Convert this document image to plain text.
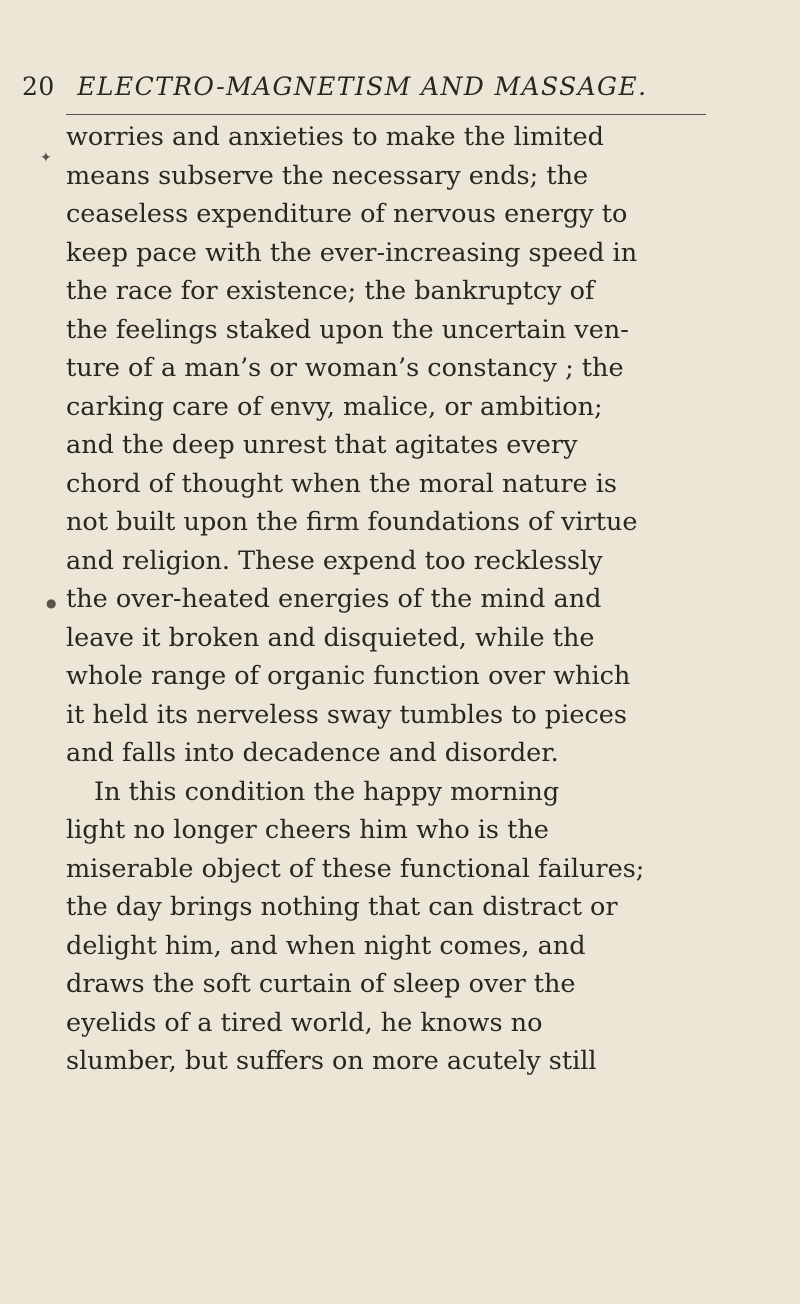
20 ELECTRO-MAGNETISM AND MASSAGE.
✦
●
worries and anxieties to make the limited
means subserve the necessary ends; the
ceaseless expenditure of nervous energy to
keep pace with the ever-increasing speed in
the race for existence; the bankruptcy of
the feelings staked upon the uncertain ven-
ture of a man’s or woman’s constancy ; the
carking care of envy, malice, or ambition;
and the deep unrest that agitates every
chord of thought when the moral nature is
not built upon the firm foundations of virtue
and religion. These expend too recklessly
the over-heated energies of the mind and
leave it broken and disquieted, while the
whole range of organic function over which
it held its nerveless sway tumbles to pieces
and falls into decadence and disorder.
In this condition the happy morning
light no longer cheers him who is the
miserable object of these functional failures;
the day brings nothing that can distract or
delight him, and when night comes, and
draws the soft curtain of sleep over the
eyelids of a tired world, he knows no
slumber, but suffers on more acutely still
